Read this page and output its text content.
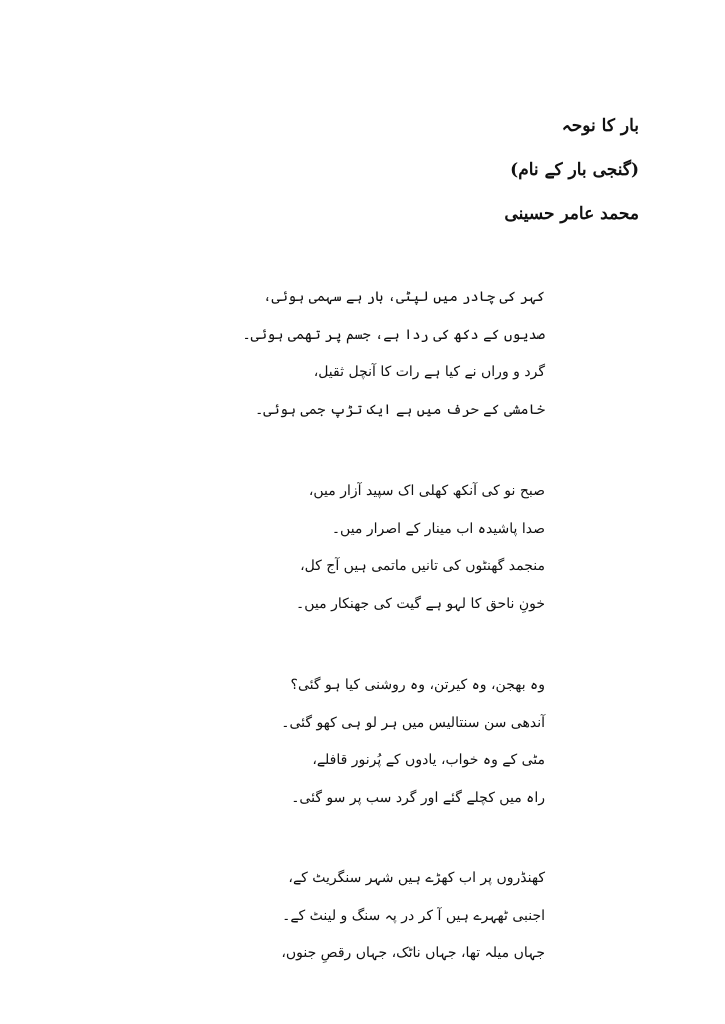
بار کا نوحہ
(گنجی بار کے نام)
محمد عامر حسینی
کہر کی چادر میں لپٹی، بار ہے سہمی ہوئی،
صدیوں کے دکھ کی ردا ہے، جسم پر تھمی ہوئی۔
گرد و وراں نے کیا ہے رات کا آنچل ثقیل،
خامشی کے حرف میں ہے ایک تڑپ جمی ہوئی۔
صبح نو کی آنکھ کھلی اک سپید آزار میں،
صدا پاشیدہ اب مینار کے اصرار میں۔
منجمد گھنٹوں کی تانیں ماتمی ہیں آج کل،
خونِ ناحق کا لہو ہے گیت کی جھنکار میں۔
وہ بھجن، وہ کیرتن، وہ روشنی کیا ہو گئی؟
آندھی سن سنتالیس میں ہر لو ہی کھو گئی۔
مٹی کے وہ خواب، یادوں کے پُرنور قافلے،
راہ میں کچلے گئے اور گرد سب پر سو گئی۔
کھنڈروں پر اب کھڑے ہیں شہر سنگریٹ کے،
اجنبی ٹھہرے ہیں آ کر در پہ سنگ و لینٹ کے۔
جہاں میلہ تھا، جہاں ناٹک، جہاں رقصِ جنوں،
